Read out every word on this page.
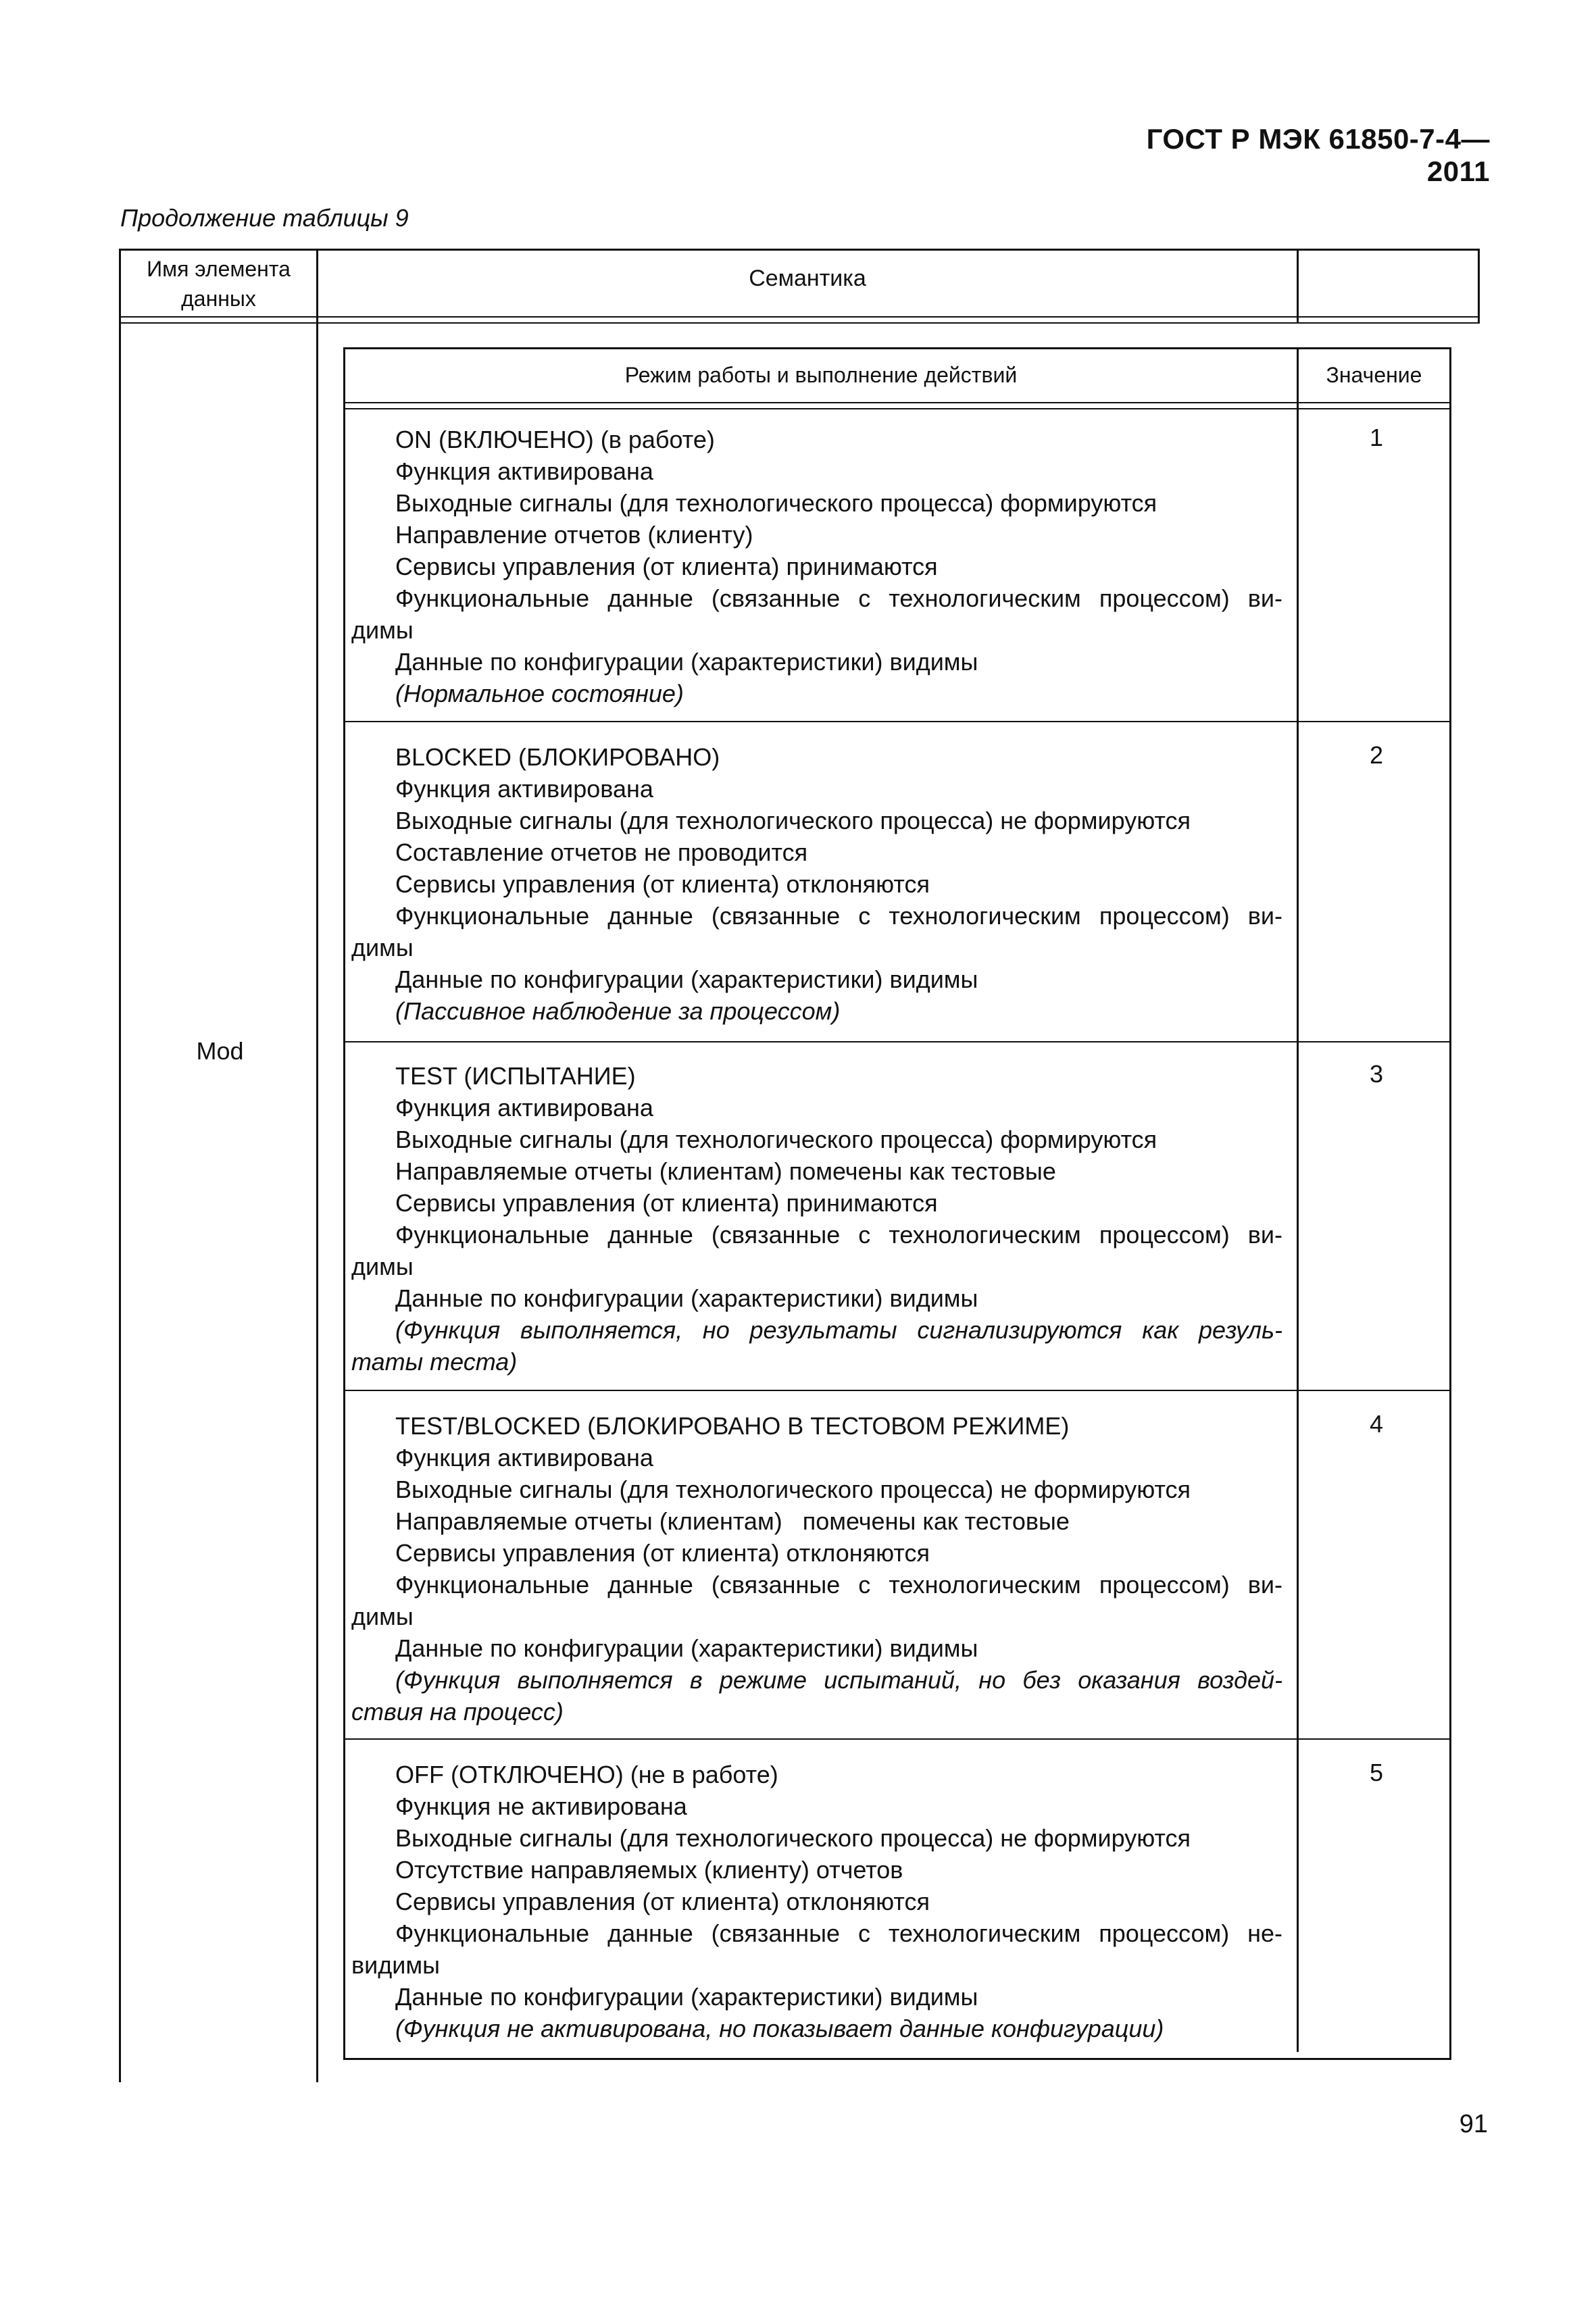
ГОСТ Р МЭК 61850-7-4—2011
Продолжение таблицы 9
Имя элемента данных
Семантика
Mod
Режим работы и выполнение действий	Значение
ON (ВКЛЮЧЕНО) (в работе)
Функция активирована
Выходные сигналы (для технологического процесса) формируются
Направление отчетов (клиенту)
Сервисы управления (от клиента) принимаются
Функциональные данные (связанные с технологическим процессом) ви-
димы
Данные по конфигурации (характеристики) видимы
(Нормальное состояние)
1
BLOCKED (БЛОКИРОВАНО)
Функция активирована
Выходные сигналы (для технологического процесса) не формируются
Составление отчетов не проводится
Сервисы управления (от клиента) отклоняются
Функциональные данные (связанные с технологическим процессом) ви-
димы
Данные по конфигурации (характеристики) видимы
(Пассивное наблюдение за процессом)
2
TEST (ИСПЫТАНИЕ)
Функция активирована
Выходные сигналы (для технологического процесса) формируются
Направляемые отчеты (клиентам) помечены как тестовые
Сервисы управления (от клиента) принимаются
Функциональные данные (связанные с технологическим процессом) ви-
димы
Данные по конфигурации (характеристики) видимы
(Функция выполняется, но результаты сигнализируются как резуль-
таты теста)
3
TEST/BLOCKED (БЛОКИРОВАНО В ТЕСТОВОМ РЕЖИМЕ)
Функция активирована
Выходные сигналы (для технологического процесса) не формируются
Направляемые отчеты (клиентам)   помечены как тестовые
Сервисы управления (от клиента) отклоняются
Функциональные данные (связанные с технологическим процессом) ви-
димы
Данные по конфигурации (характеристики) видимы
(Функция выполняется в режиме испытаний, но без оказания воздей-
ствия на процесс)
4
OFF (ОТКЛЮЧЕНО) (не в работе)
Функция не активирована
Выходные сигналы (для технологического процесса) не формируются
Отсутствие направляемых (клиенту) отчетов
Сервисы управления (от клиента) отклоняются
Функциональные данные (связанные с технологическим процессом) не-
видимы
Данные по конфигурации (характеристики) видимы
(Функция не активирована, но показывает данные конфигурации)
5
91
